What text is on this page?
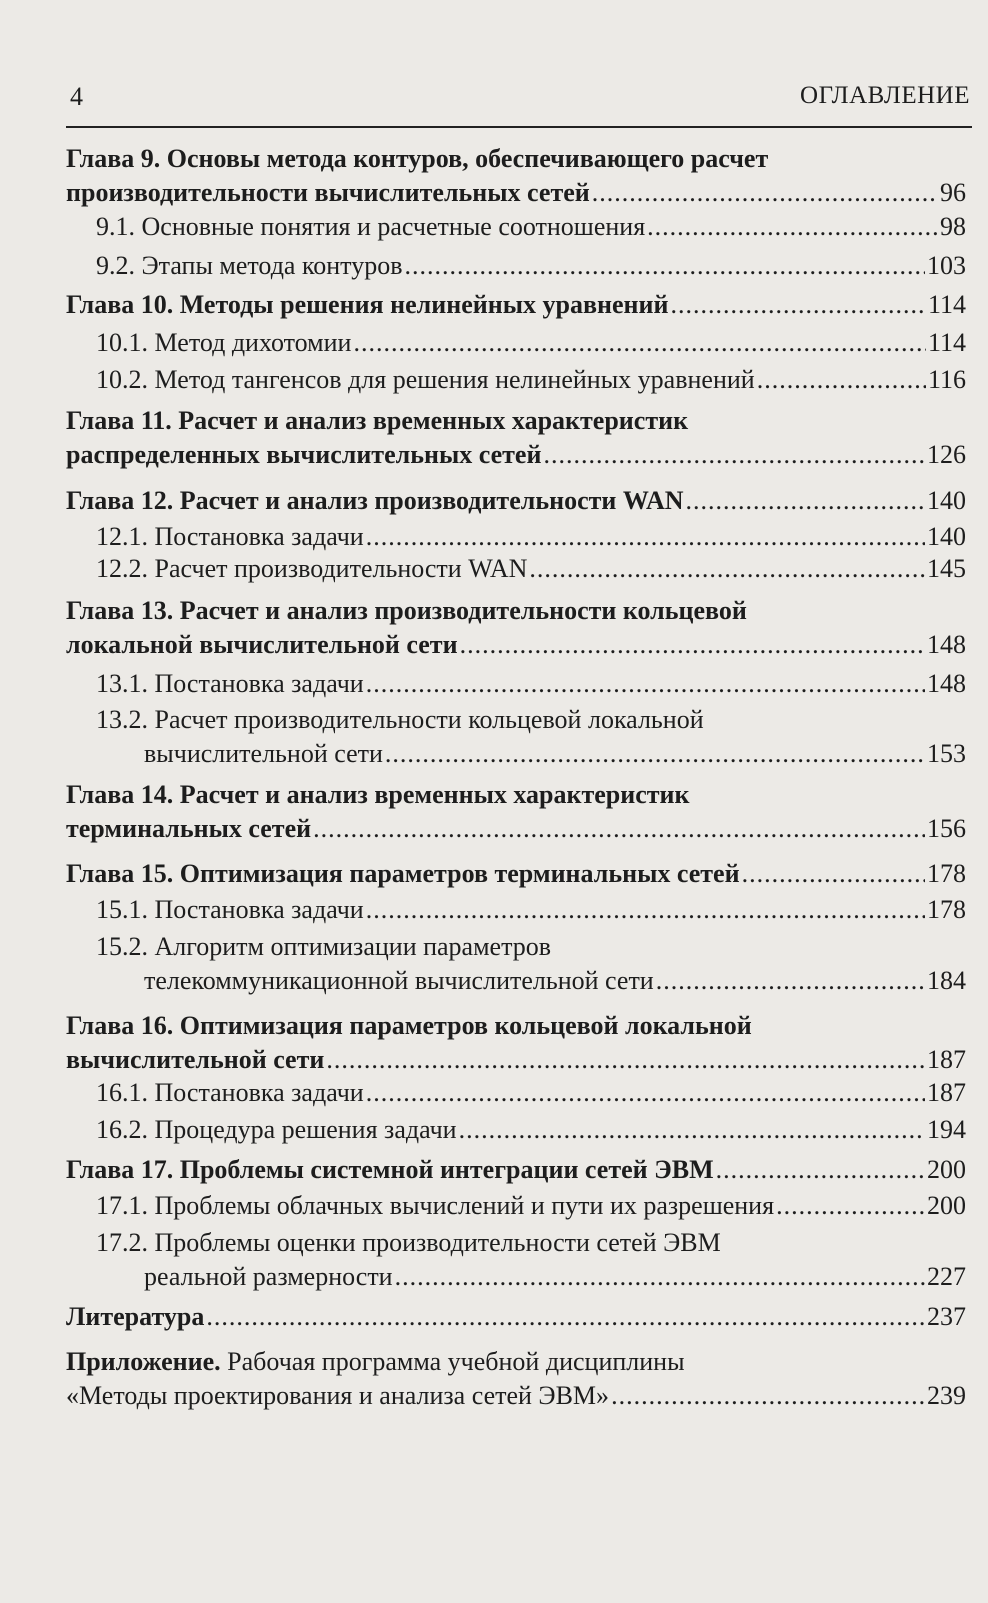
4	ОГЛАВЛЕНИЕ
Глава 9. Основы метода контуров, обеспечивающего расчет
производительности вычислительных сетей .....	96
9.1. Основные понятия и расчетные соотношения .....	98
9.2. Этапы метода контуров .....	103
Глава 10. Методы решения нелинейных уравнений .....	114
10.1. Метод дихотомии .....	114
10.2. Метод тангенсов для решения нелинейных уравнений .....	116
Глава 11. Расчет и анализ временных характеристик
распределенных вычислительных сетей .....	126
Глава 12. Расчет и анализ производительности WAN .....	140
12.1. Постановка задачи .....	140
12.2. Расчет производительности WAN .....	145
Глава 13. Расчет и анализ производительности кольцевой
локальной вычислительной сети .....	148
13.1. Постановка задачи .....	148
13.2. Расчет производительности кольцевой локальной
вычислительной сети .....	153
Глава 14. Расчет и анализ временных характеристик
терминальных сетей .....	156
Глава 15. Оптимизация параметров терминальных сетей .....	178
15.1. Постановка задачи .....	178
15.2. Алгоритм оптимизации параметров
телекоммуникационной вычислительной сети .....	184
Глава 16. Оптимизация параметров кольцевой локальной
вычислительной сети .....	187
16.1. Постановка задачи .....	187
16.2. Процедура решения задачи .....	194
Глава 17. Проблемы системной интеграции сетей ЭВМ .....	200
17.1. Проблемы облачных вычислений и пути их разрешения .....	200
17.2. Проблемы оценки производительности сетей ЭВМ
реальной размерности .....	227
Литература .....	237
Приложение. Рабочая программа учебной дисциплины
«Методы проектирования и анализа сетей ЭВМ» .....	239
